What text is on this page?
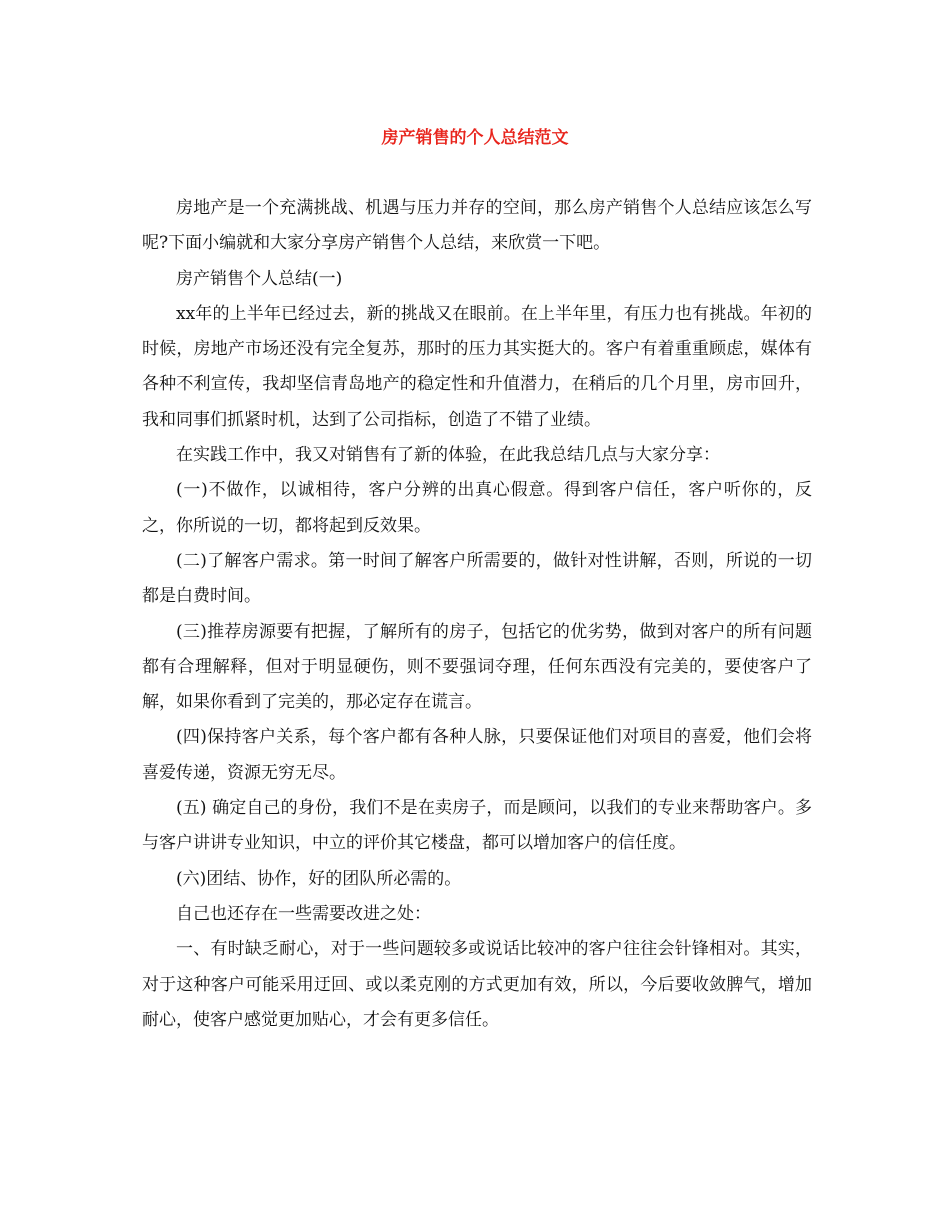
房产销售的个人总结范文

房地产是一个充满挑战、机遇与压力并存的空间，那么房产销售个人总结应该怎么写呢?下面小编就和大家分享房产销售个人总结，来欣赏一下吧。

房产销售个人总结(一)

xx年的上半年已经过去，新的挑战又在眼前。在上半年里，有压力也有挑战。年初的时候，房地产市场还没有完全复苏，那时的压力其实挺大的。客户有着重重顾虑，媒体有各种不利宣传，我却坚信青岛地产的稳定性和升值潜力，在稍后的几个月里，房市回升，我和同事们抓紧时机，达到了公司指标，创造了不错了业绩。

在实践工作中，我又对销售有了新的体验，在此我总结几点与大家分享：

(一)不做作，以诚相待，客户分辨的出真心假意。得到客户信任，客户听你的，反之，你所说的一切，都将起到反效果。

(二)了解客户需求。第一时间了解客户所需要的，做针对性讲解，否则，所说的一切都是白费时间。

(三)推荐房源要有把握，了解所有的房子，包括它的优劣势，做到对客户的所有问题都有合理解释，但对于明显硬伤，则不要强词夺理，任何东西没有完美的，要使客户了解，如果你看到了完美的，那必定存在谎言。

(四)保持客户关系，每个客户都有各种人脉，只要保证他们对项目的喜爱，他们会将喜爱传递，资源无穷无尽。

(五) 确定自己的身份，我们不是在卖房子，而是顾问，以我们的专业来帮助客户。多与客户讲讲专业知识，中立的评价其它楼盘，都可以增加客户的信任度。

(六)团结、协作，好的团队所必需的。

自己也还存在一些需要改进之处：

一、有时缺乏耐心，对于一些问题较多或说话比较冲的客户往往会针锋相对。其实，对于这种客户可能采用迂回、或以柔克刚的方式更加有效，所以，今后要收敛脾气，增加耐心，使客户感觉更加贴心，才会有更多信任。
